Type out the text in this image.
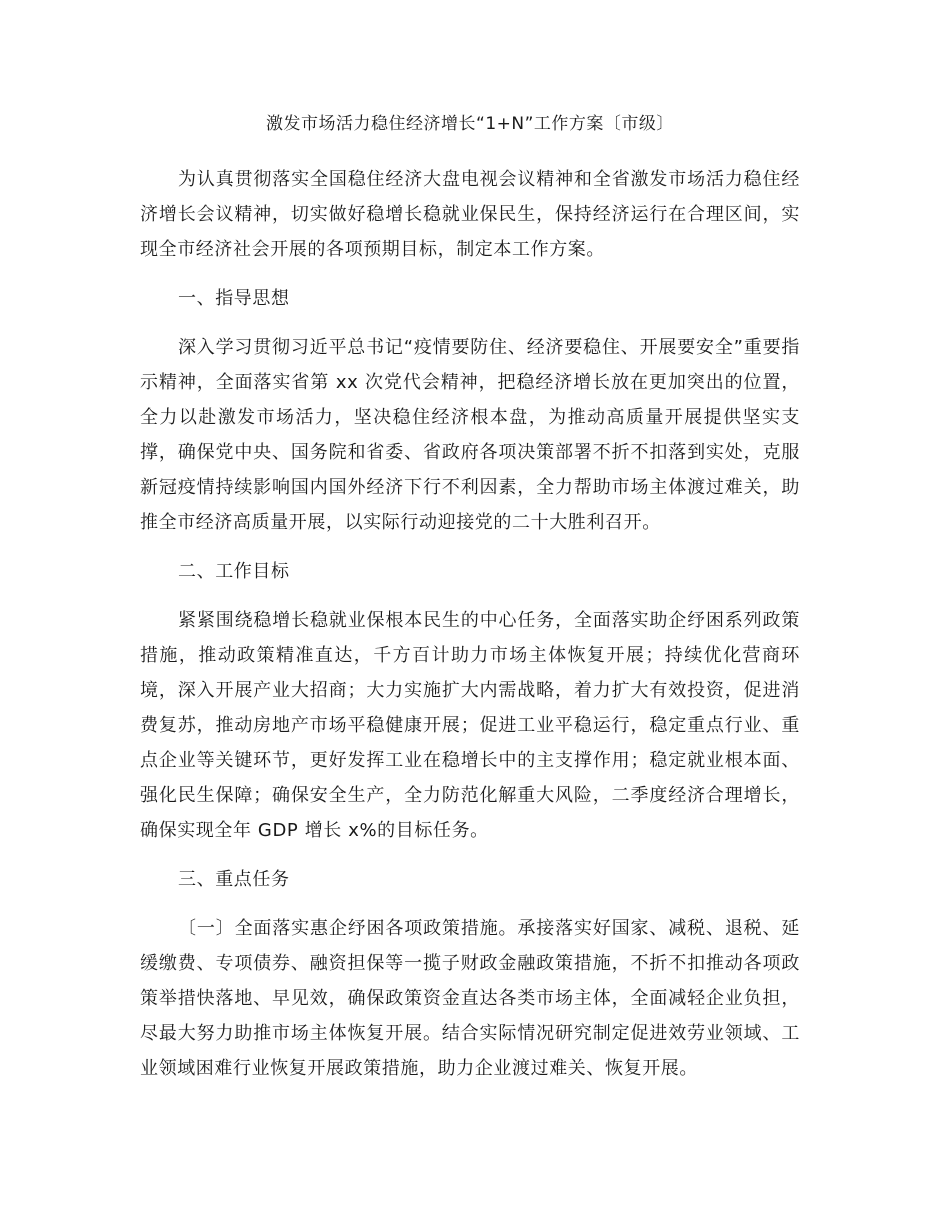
激发市场活力稳住经济增长“1+N”工作方案〔市级〕

为认真贯彻落实全国稳住经济大盘电视会议精神和全省激发市场活力稳住经济增长会议精神，切实做好稳增长稳就业保民生，保持经济运行在合理区间，实现全市经济社会开展的各项预期目标，制定本工作方案。

一、指导思想

深入学习贯彻习近平总书记“疫情要防住、经济要稳住、开展要安全”重要指示精神，全面落实省第 xx 次党代会精神，把稳经济增长放在更加突出的位置，全力以赴激发市场活力，坚决稳住经济根本盘，为推动高质量开展提供坚实支撑，确保党中央、国务院和省委、省政府各项决策部署不折不扣落到实处，克服新冠疫情持续影响国内国外经济下行不利因素，全力帮助市场主体渡过难关，助推全市经济高质量开展，以实际行动迎接党的二十大胜利召开。

二、工作目标

紧紧围绕稳增长稳就业保根本民生的中心任务，全面落实助企纾困系列政策措施，推动政策精准直达，千方百计助力市场主体恢复开展；持续优化营商环境，深入开展产业大招商；大力实施扩大内需战略，着力扩大有效投资，促进消费复苏，推动房地产市场平稳健康开展；促进工业平稳运行，稳定重点行业、重点企业等关键环节，更好发挥工业在稳增长中的主支撑作用；稳定就业根本面、强化民生保障；确保安全生产，全力防范化解重大风险，二季度经济合理增长，确保实现全年 GDP 增长 x%的目标任务。

三、重点任务

〔一〕全面落实惠企纾困各项政策措施。承接落实好国家、减税、退税、延缓缴费、专项债券、融资担保等一揽子财政金融政策措施，不折不扣推动各项政策举措快落地、早见效，确保政策资金直达各类市场主体，全面减轻企业负担，尽最大努力助推市场主体恢复开展。结合实际情况研究制定促进效劳业领域、工业领域困难行业恢复开展政策措施，助力企业渡过难关、恢复开展。
